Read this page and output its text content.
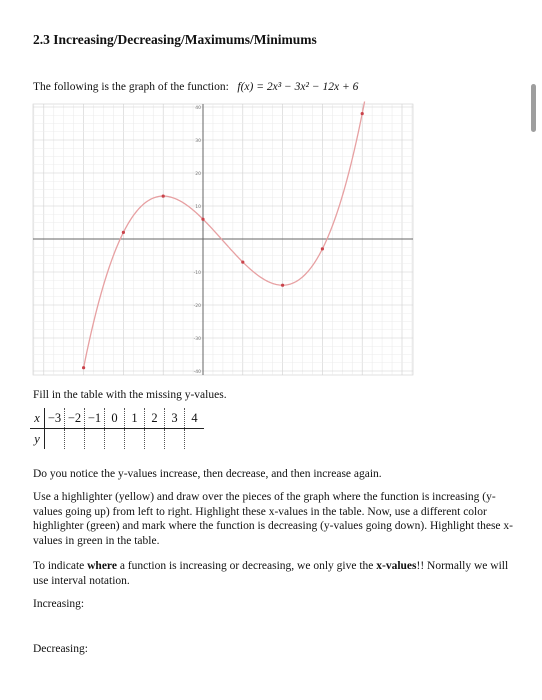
2.3 Increasing/Decreasing/Maximums/Minimums
The following is the graph of the function: f(x) = 2x³ − 3x² − 12x + 6
40
30
20
10
-10
-20
-30
-40
Fill in the table with the missing y-values.
x	−3	−2	−1	0	1	2	3	4
y								
Do you notice the y-values increase, then decrease, and then increase again.
Use a highlighter (yellow) and draw over the pieces of the graph where the function is increasing (y-values going up) from left to right. Highlight these x-values in the table. Now, use a different color highlighter (green) and mark where the function is decreasing (y-values going down). Highlight these x-values in green in the table.
To indicate where a function is increasing or decreasing, we only give the x-values!! Normally we will use interval notation.
Increasing:
Decreasing:
